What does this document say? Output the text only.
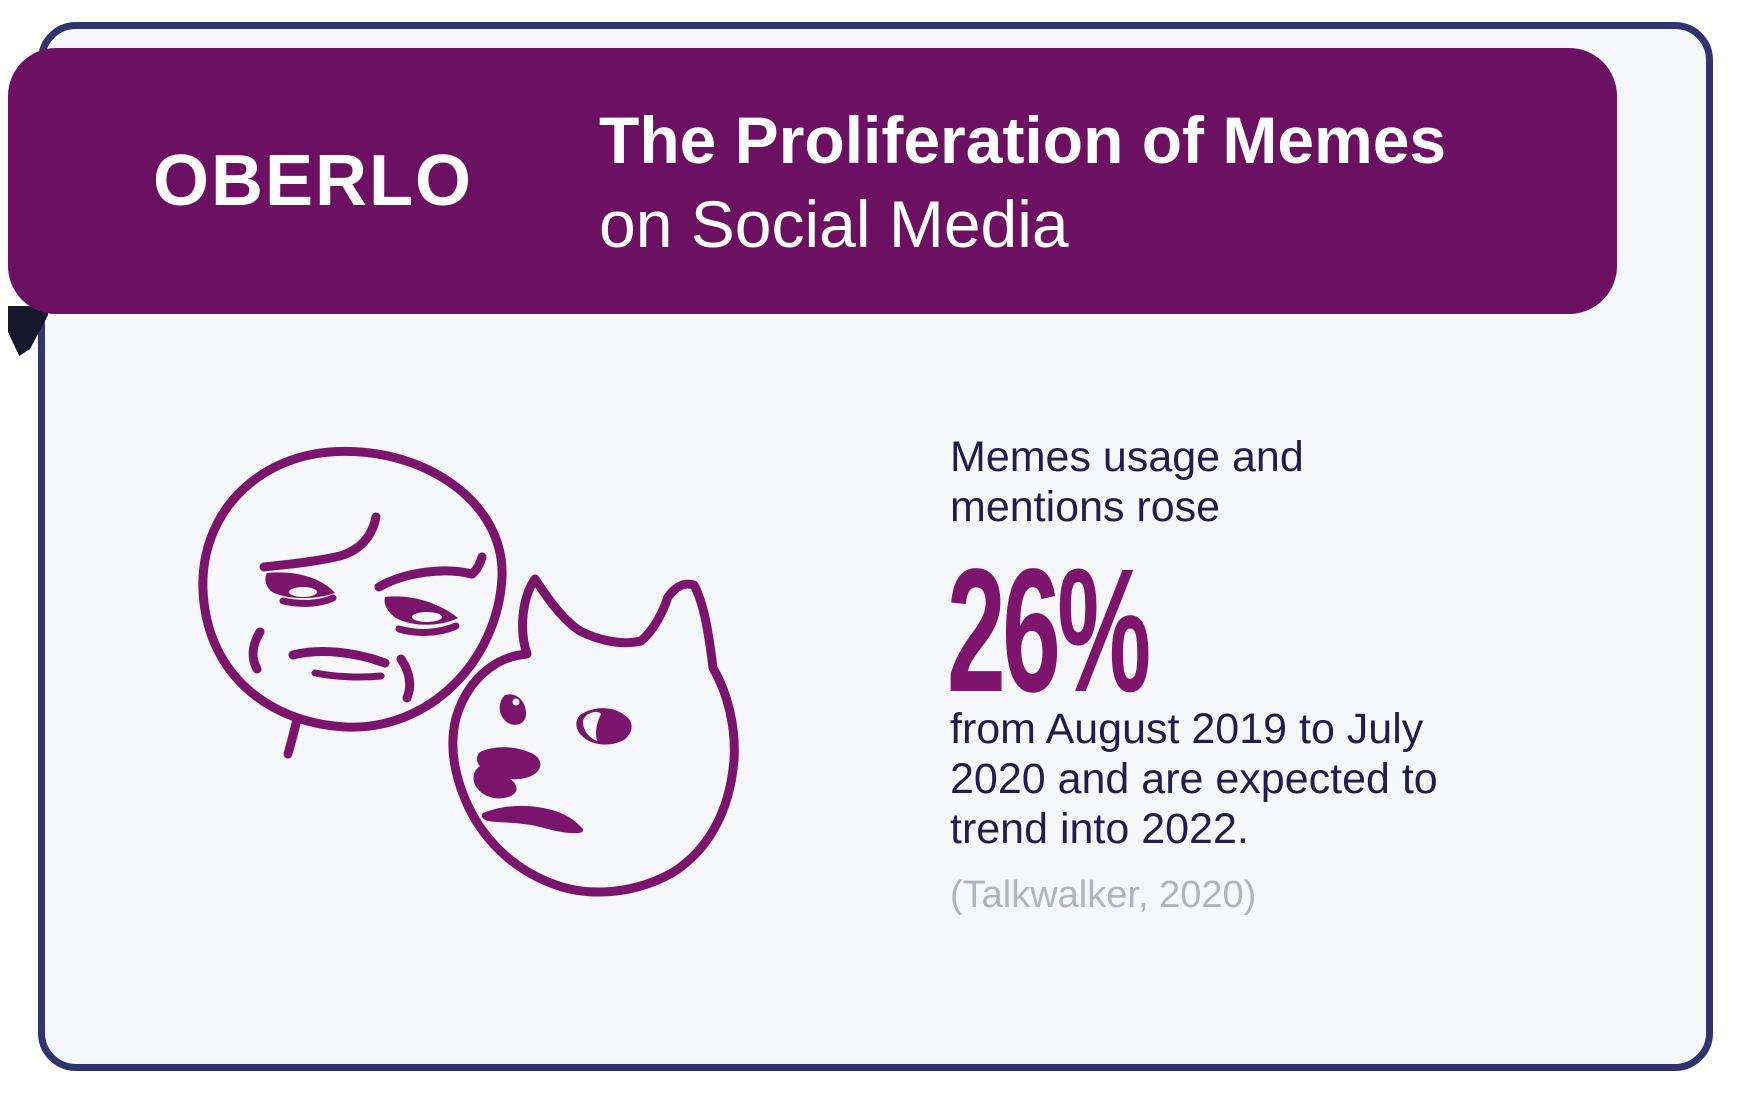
OBERLO
The Proliferation of Memes
on Social Media
Memes usage and
mentions rose
26%
from August 2019 to July
2020 and are expected to
trend into 2022.
(Talkwalker, 2020)
